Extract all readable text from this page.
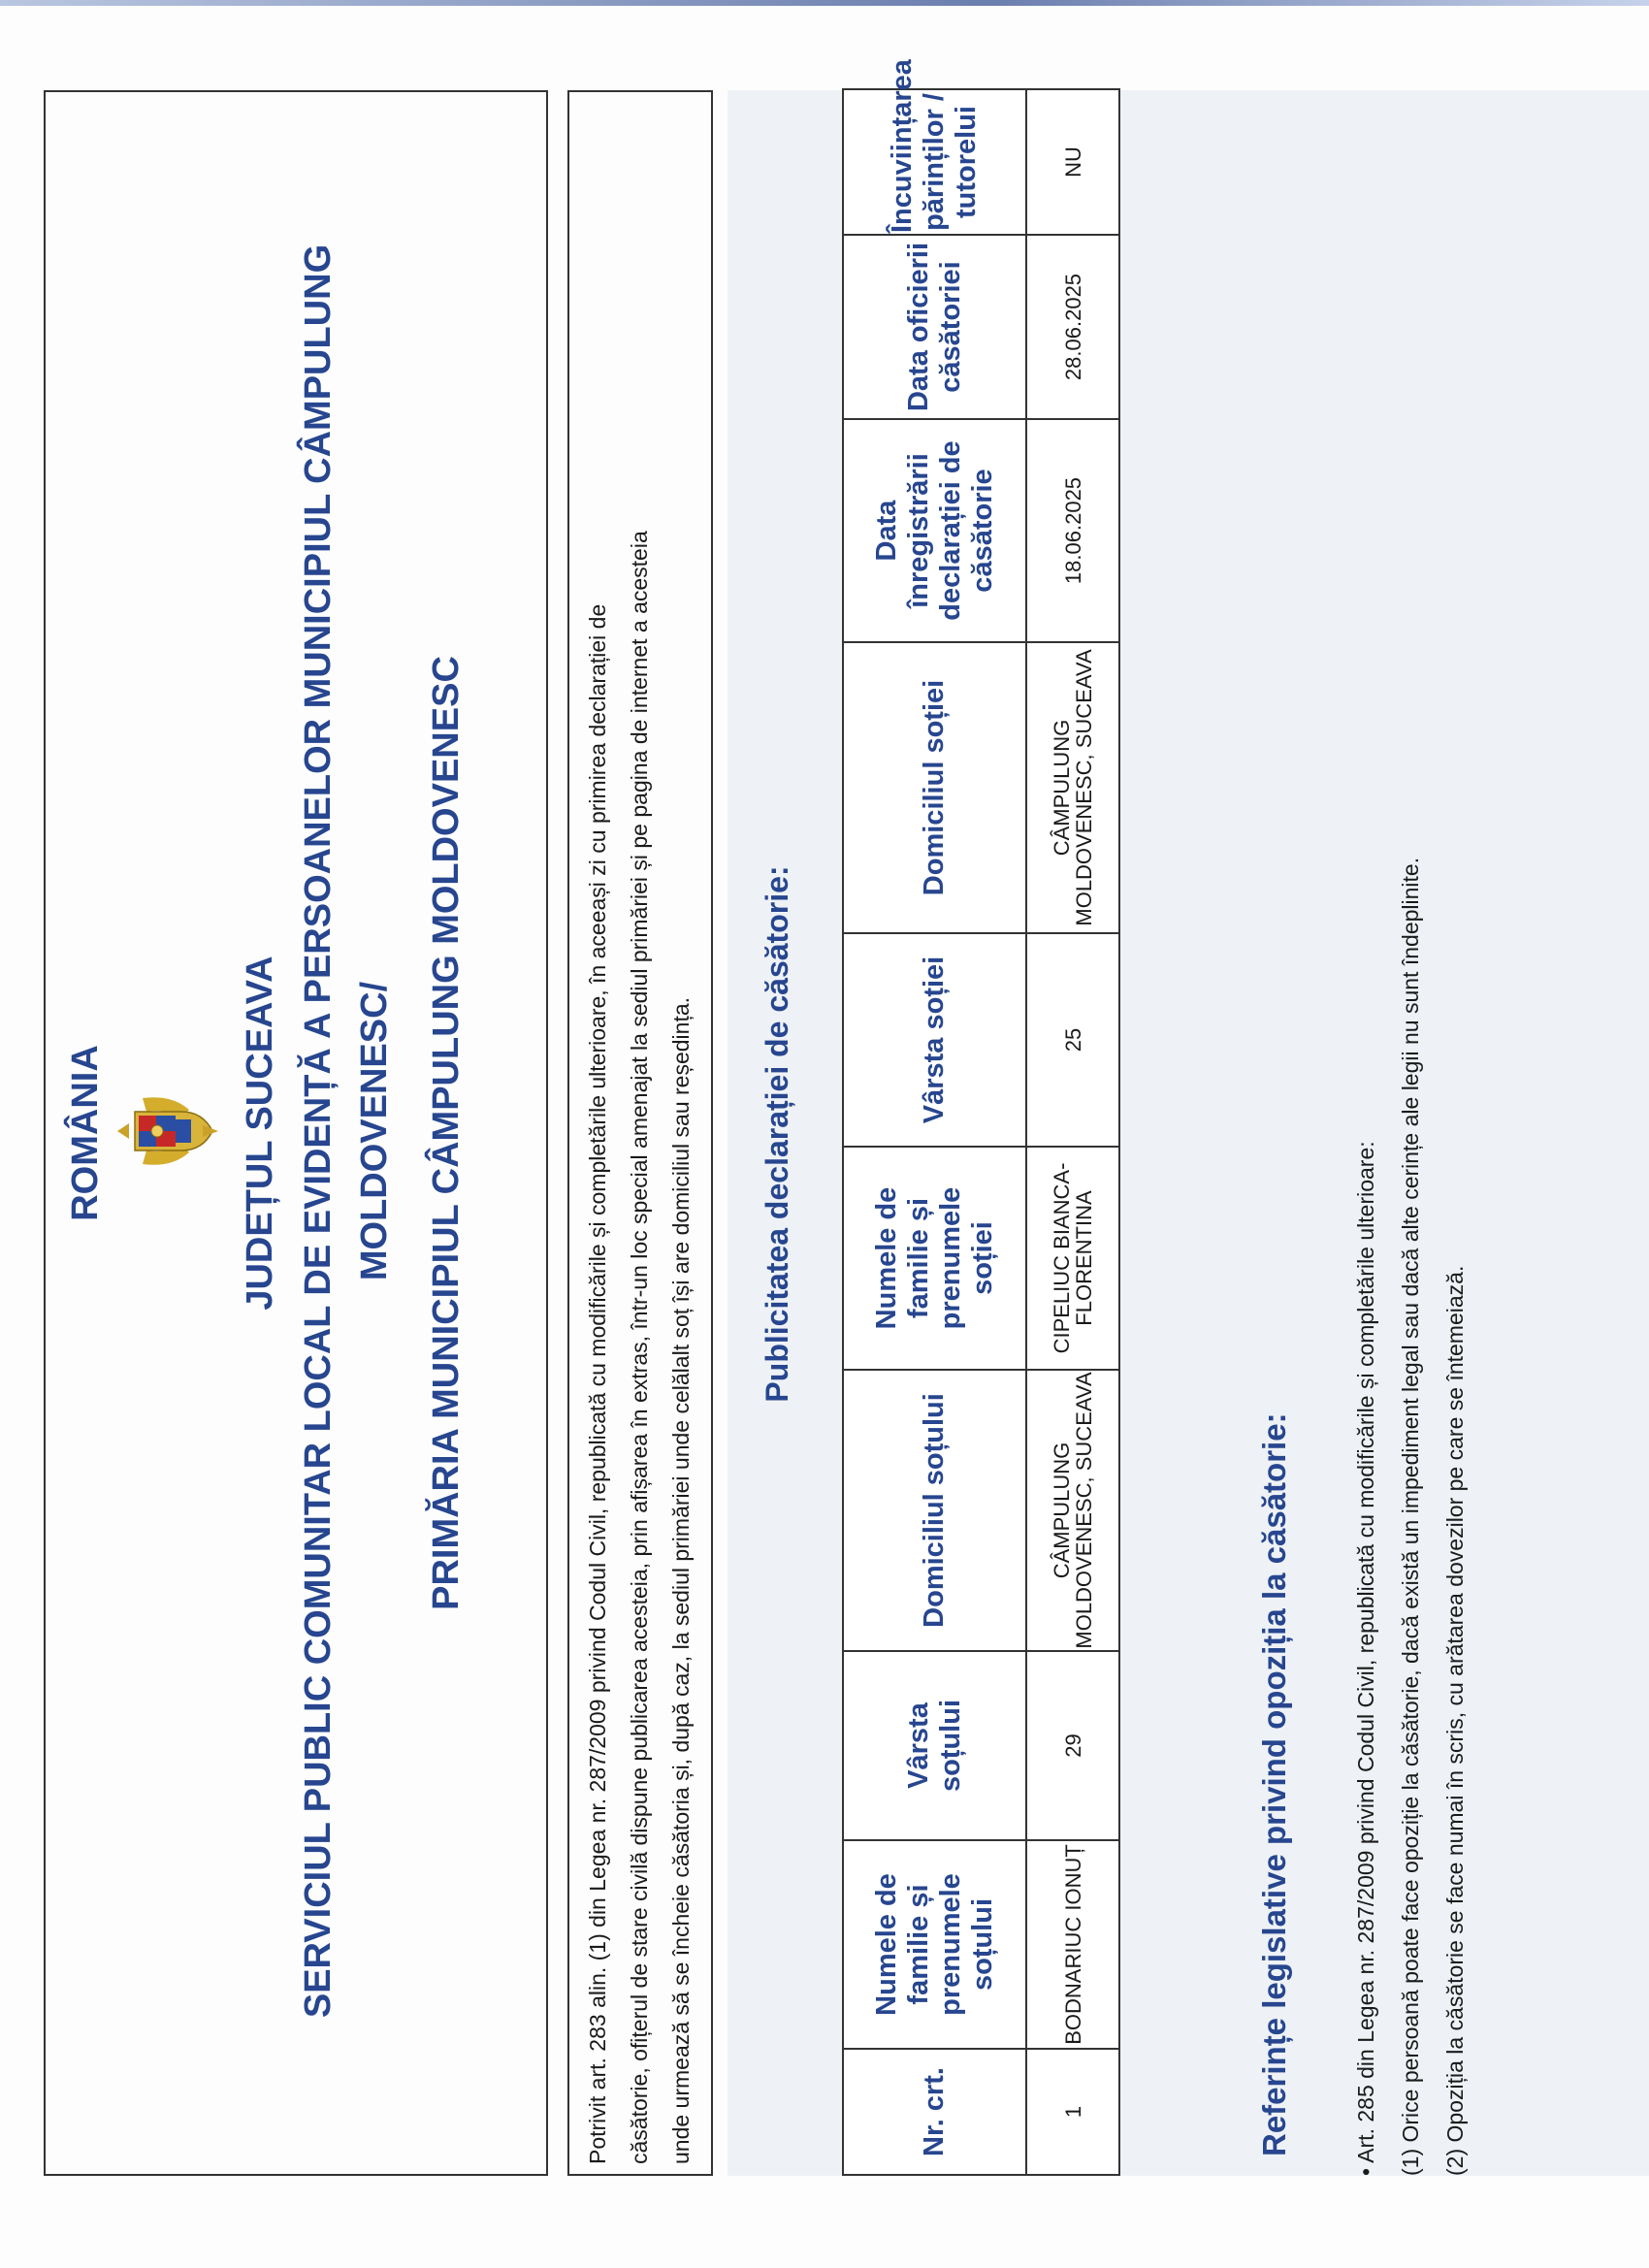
ROMÂNIA	JUDEȚUL SUCEAVA SERVICIUL PUBLIC COMUNITAR LOCAL DE EVIDENȚĂ A PERSOANELOR MUNICIPIUL CÂMPULUNG MOLDOVENESC/ PRIMĂRIA MUNICIPIUL CÂMPULUNG MOLDOVENESC	Potrivit art. 283 alin. (1) din Legea nr. 287/2009 privind Codul Civil, republicată cu modificările și completările ulterioare, în aceeași zi cu primirea declarației de căsătorie, ofițerul de stare civilă dispune publicarea acesteia, prin afișarea în extras, într-un loc special amenajat la sediul primăriei și pe pagina de internet a acesteia unde urmează să se încheie căsătoria și, după caz, la sediul primăriei unde celălalt soț își are domiciliul sau reședința. Publicitatea declarației de căsătorie:
Nr. crt.	Numele de familie și prenumele soțului	Vârsta soțului	Domiciliul soțului	Numele de familie și prenumele soției	Vârsta soției	Domiciliul soției	Data înregistrării declarației de căsătorie	Data oficierii căsătoriei	Încuviințarea părinților / tutorelui
1	BODNARIUC IONUȚ	29	CÂMPULUNG MOLDOVENESC, SUCEAVA	CIPELIUC BIANCA-FLORENTINA	25	CÂMPULUNG MOLDOVENESC, SUCEAVA	18.06.2025	28.06.2025	NU
Referințe legislative privind opoziția la căsătorie:
• Art. 285 din Legea nr. 287/2009 privind Codul Civil, republicată cu modificările și completările ulterioare: (1) Orice persoană poate face opoziție la căsătorie, dacă există un impediment legal sau dacă alte cerințe ale legii nu sunt îndeplinite. (2) Opoziția la căsătorie se face numai în scris, cu arătarea dovezilor pe care se întemeiază.
